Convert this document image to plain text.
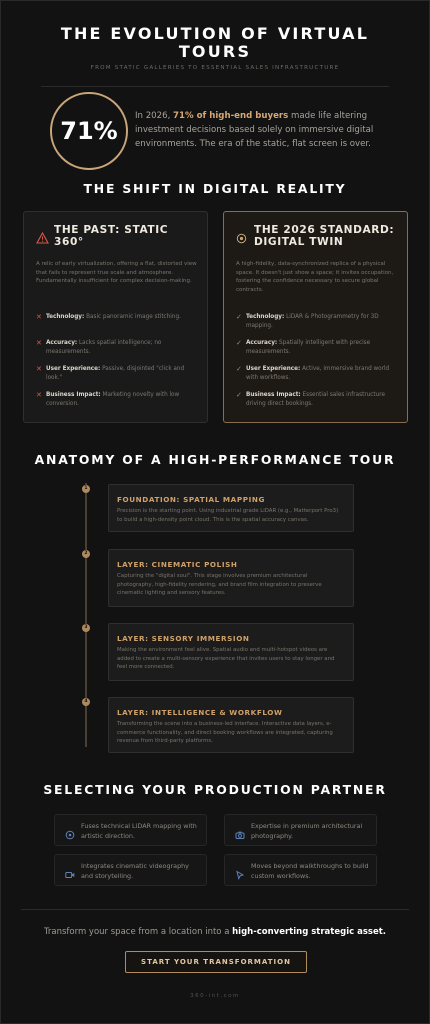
THE EVOLUTION OF VIRTUAL TOURS
FROM STATIC GALLERIES TO ESSENTIAL SALES INFRASTRUCTURE
71%

In 2026, 71% of high-end buyers made life altering investment decisions based solely on immersive digital environments. The era of the static, flat screen is over.

THE SHIFT IN DIGITAL REALITY
THE PAST: STATIC 360°
A relic of early virtualization, offering a flat, distorted view that fails to represent true scale and atmosphere. Fundamentally insufficient for complex decision-making.
✕ Technology: Basic panoramic image stitching.
✕ Accuracy: Lacks spatial intelligence; no measurements.
✕ User Experience: Passive, disjointed "click and look."
✕ Business Impact: Marketing novelty with low conversion.
THE 2026 STANDARD: DIGITAL TWIN
A high-fidelity, data-synchronized replica of a physical space. It doesn't just show a space; it invites occupation, fostering the confidence necessary to secure global contracts.
✓ Technology: LiDAR & Photogrammetry for 3D mapping.
✓ Accuracy: Spatially intelligent with precise measurements.
✓ User Experience: Active, immersive brand world with workflows.
✓ Business Impact: Essential sales infrastructure driving direct bookings.
ANATOMY OF A HIGH-PERFORMANCE TOUR
1
2
3
4
FOUNDATION: SPATIAL MAPPING
Precision is the starting point. Using industrial grade LiDAR (e.g., Matterport Pro3) to build a high-density point cloud. This is the spatial accuracy canvas.
LAYER: CINEMATIC POLISH
Capturing the "digital soul". This stage involves premium architectural photography, high-fidelity rendering, and brand film integration to preserve cinematic lighting and sensory features.
LAYER: SENSORY IMMERSION
Making the environment feel alive. Spatial audio and multi-hotspot videos are added to create a multi-sensory experience that invites users to stay longer and feel more connected.
LAYER: INTELLIGENCE & WORKFLOW
Transforming the scene into a business-led interface. Interactive data layers, e-commerce functionality, and direct booking workflows are integrated, capturing revenue from third-party platforms.
SELECTING YOUR PRODUCTION PARTNER
Fuses technical LiDAR mapping with artistic direction.
Expertise in premium architectural photography.
Integrates cinematic videography and storytelling.
Moves beyond walkthroughs to build custom workflows.

Transform your space from a location into a high-converting strategic asset.

START YOUR TRANSFORMATION
360-int.com
